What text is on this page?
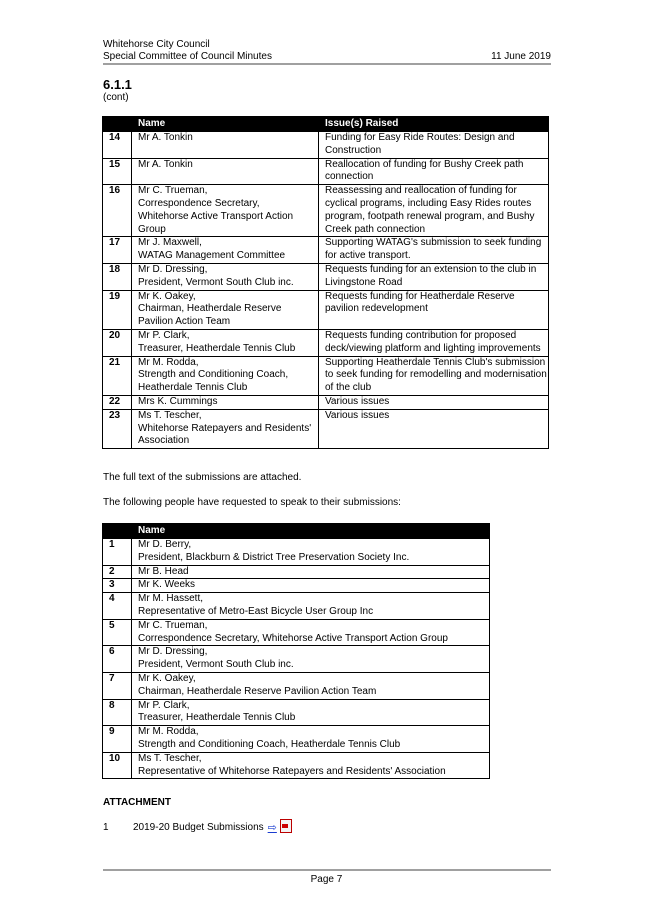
Whitehorse City Council
Special Committee of Council Minutes	11 June 2019
6.1.1
(cont)
	Name	Issue(s) Raised
14	Mr A. Tonkin	Funding for Easy Ride Routes: Design and Construction
15	Mr A. Tonkin	Reallocation of funding for Bushy Creek path connection
16	Mr C. Trueman,
Correspondence Secretary,
Whitehorse Active Transport Action Group	Reassessing and reallocation of funding for cyclical programs, including Easy Rides routes program, footpath renewal program, and Bushy Creek path connection
17	Mr J. Maxwell,
WATAG Management Committee	Supporting WATAG's submission to seek funding for active transport.
18	Mr D. Dressing,
President, Vermont South Club inc.	Requests funding for an extension to the club in Livingstone Road
19	Mr K. Oakey,
Chairman, Heatherdale Reserve Pavilion Action Team	Requests funding for Heatherdale Reserve pavilion redevelopment
20	Mr P. Clark,
Treasurer, Heatherdale Tennis Club	Requests funding contribution for proposed deck/viewing platform and lighting improvements
21	Mr M. Rodda,
Strength and Conditioning Coach, Heatherdale Tennis Club	Supporting Heatherdale Tennis Club's submission to seek funding for remodelling and modernisation of the club
22	Mrs K. Cummings	Various issues
23	Ms T. Tescher,
Whitehorse Ratepayers and Residents' Association	Various issues
The full text of the submissions are attached.
The following people have requested to speak to their submissions:
	Name
1	Mr D. Berry,
President, Blackburn & District Tree Preservation Society Inc.
2	Mr B. Head
3	Mr K. Weeks
4	Mr M. Hassett,
Representative of Metro-East Bicycle User Group Inc
5	Mr C. Trueman,
Correspondence Secretary, Whitehorse Active Transport Action Group
6	Mr D. Dressing,
President, Vermont South Club inc.
7	Mr K. Oakey,
Chairman, Heatherdale Reserve Pavilion Action Team
8	Mr P. Clark,
Treasurer, Heatherdale Tennis Club
9	Mr M. Rodda,
Strength and Conditioning Coach, Heatherdale Tennis Club
10	Ms T. Tescher,
Representative of Whitehorse Ratepayers and Residents' Association
ATTACHMENT
1	2019-20 Budget Submissions ⇨
Page 7
